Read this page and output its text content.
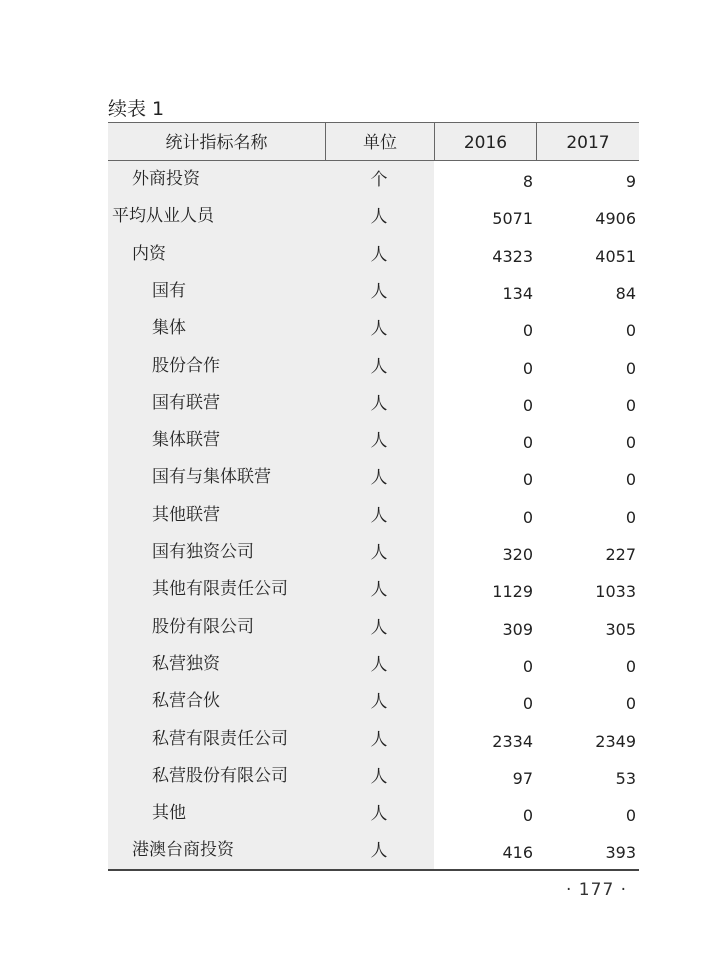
续表 1
统计指标名称	单位	2016	2017
外商投资	个	8	9
平均从业人员	人	5071	4906
内资	人	4323	4051
国有	人	134	84
集体	人	0	0
股份合作	人	0	0
国有联营	人	0	0
集体联营	人	0	0
国有与集体联营	人	0	0
其他联营	人	0	0
国有独资公司	人	320	227
其他有限责任公司	人	1129	1033
股份有限公司	人	309	305
私营独资	人	0	0
私营合伙	人	0	0
私营有限责任公司	人	2334	2349
私营股份有限公司	人	97	53
其他	人	0	0
港澳台商投资	人	416	393
· 177 ·
